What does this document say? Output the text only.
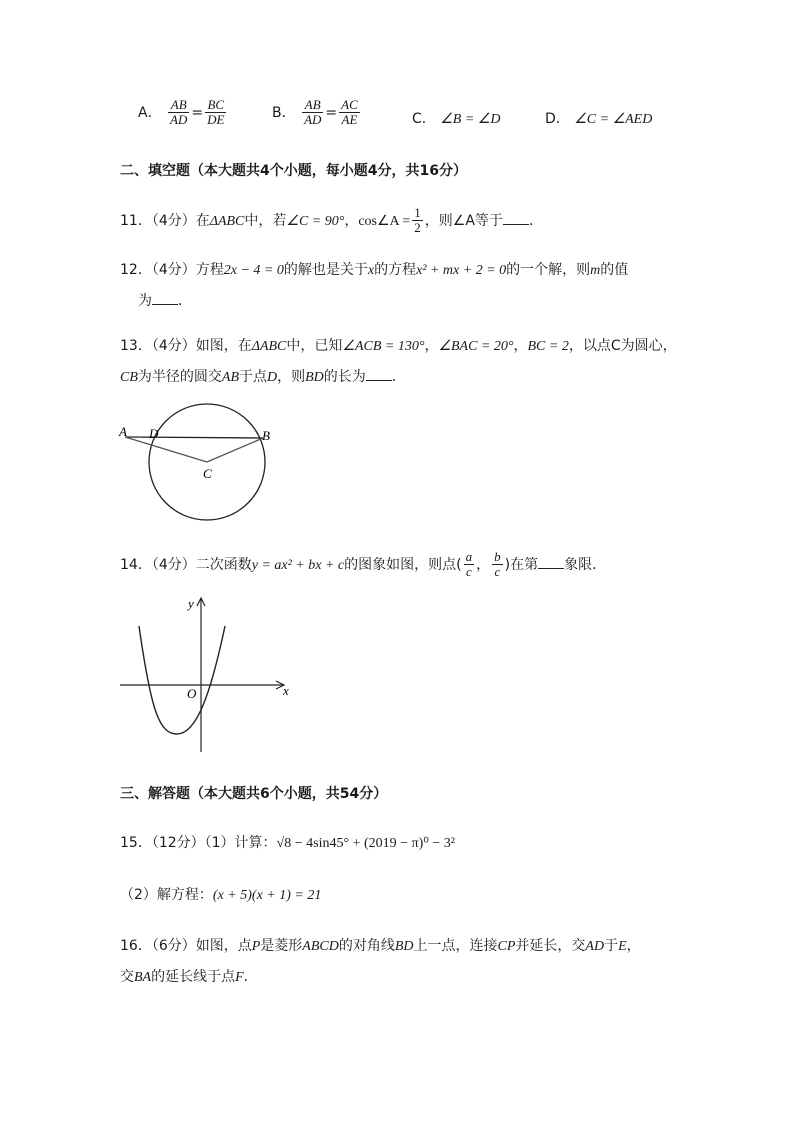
A． $\frac{AB}{AD} = \frac{BC}{DE}$	B． $\frac{AB}{AD} = \frac{AC}{AE}$	C． ∠B = ∠D	D． ∠C = ∠AED
二、填空题（本大题共4个小题，每小题4分，共16分）
11．（4分）在ΔABC中，若∠C = 90°，cos∠A = $\frac{1}{2}$ ，则∠A等于 ．
12．（4分）方程2x − 4 = 0的解也是关于x的方程x² + mx + 2 = 0的一个解，则m的值
为 ．
13．（4分）如图，在ΔABC中，已知∠ACB = 130°，∠BAC = 20°，BC = 2，以点C为圆心，
CB为半径的圆交AB于点D，则BD的长为 ．
A D	B
C
14．（4分）二次函数y = ax² + bx + c的图象如图，则点( $\frac{a}{c}$ ， $\frac{b}{c}$ )在第 象限．
y
x
O
三、解答题（本大题共6个小题，共54分）
15．（12分）（1）计算：√8 − 4sin45° + (2019 − π)⁰ − 3²
（2）解方程：(x + 5)(x + 1) = 21
16．（6分）如图，点P是菱形ABCD的对角线BD上一点，连接CP并延长，交AD于E，
交BA的延长线于点F．
